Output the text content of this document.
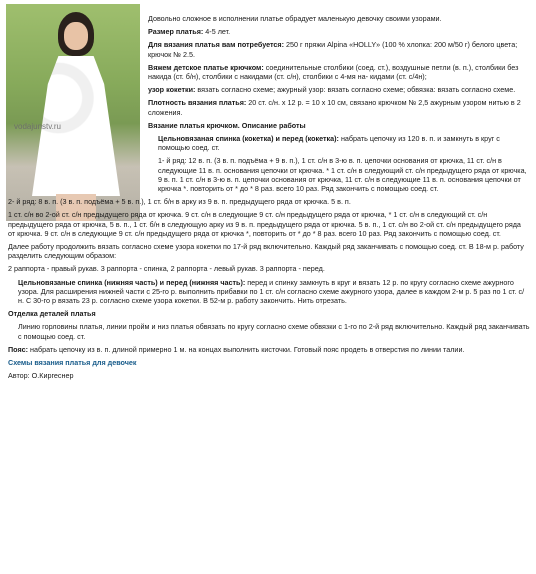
vodajunstv.ru

Довольно сложное в исполнении платье обрадует маленькую девочку своими узорами.

Размер платья: 4-5 лет.

Для вязания платья вам потребуется: 250 г пряжи Alpina «HOLLY» (100 % хлопка: 200 м/50 г) белого цвета; крючок № 2.5.

Вяжем детское платье крючком: соединительные столбики (соед. ст.), воздушные петли (в. п.), столбики без накида (ст. б/н), столбики с накидами (ст. с/н), столбики с 4-мя на- кидами (ст. с/4н);

узор кокетки: вязать согласно схеме; ажурный узор: вязать согласно схеме; обвязка: вязать согласно схеме.

Плотность вязания платья: 20 ст. с/н. x 12 р. = 10 x 10 см, связано крючком № 2,5 ажурным узором нитью в 2 сложения.

Вязание платья крючком. Описание работы

Цельновязаная спинка (кокетка) и перед (кокетка): набрать цепочку из 120 в. п. и замкнуть в круг с помощью соед. ст.

1- й ряд: 12 в. п. (3 в. п. подъёма + 9 в. п.), 1 ст. с/н в 3-ю в. п. цепочки основания от крючка, 11 ст. с/н в следующие 11 в. п. основания цепочки от крючка. * 1 ст. с/н в следующий ст. с/н предыдущего ряда от крючка, 9 в. п. 1 ст. с/н в 3-ю в. п. цепочки основания от крючка, 11 ст. с/н в следующие 11 в. п. основания цепочки от крючка *. повторить от * до * 8 раз. всего 10 раз. Ряд закончить с помощью соед. ст.

2- й ряд: 8 в. п. (3 в. п. подъёма + 5 в. п.), 1 ст. б/н в арку из 9 в. п. предыдущего ряда от крючка. 5 в. п.

1 ст. с/н во 2-ой ст. с/н предыдущего ряда от крючка. 9 ст. с/н в следующие 9 ст. с/н предыдущего ряда от крючка, * 1 ст. с/н в следующий ст. с/н предыдущего ряда от крючка, 5 в. п., 1 ст. б/н в следующую арку из 9 в. п. предыдущего ряда от крючка. 5 в. п., 1 ст. с/н во 2-ой ст. с/н предыдущего ряда от крючка. 9 ст. с/н в следующие 9 ст. с/н предыдущего ряда от крючка *, повторить от * до * 8 раз. всего 10 раз. Ряд закончить с помощью соед. ст.

Далее работу продолжить вязать согласно схеме узора кокетки по 17-й ряд включительно. Каждый ряд заканчивать с помощью соед. ст. В 18-м р. работу разделить следующим образом:

2 раппорта - правый рукав. 3 раппорта - спинка, 2 раппорта - левый рукав. 3 раппорта - перед.

Цельновязаные спинка (нижняя часть) и перед (нижняя часть): перед и спинку замкнуть в круг и вязать 12 р. по кругу согласно схеме ажурного узора. Для расширения нижней части с 25-го р. выполнить прибавки по 1 ст. с/н согласно схеме ажурного узора, далее в каждом 2-м р. 5 раз по 1 ст. с/н. С 30-го р вязать 23 р. согласно схеме узора кокетки. В 52-м р. работу закончить. Нить отрезать.

Отделка деталей платья

Линию горловины платья, линии пройм и низ платья обвязать по кругу согласно схеме обвязки с 1-го по 2-й ряд включительно. Каждый ряд заканчивать с помощью соед. ст.

Пояс: набрать цепочку из в. п. длиной примерно 1 м. на концах выполнить кисточки. Готовый пояс продеть в отверстия по линии талии.

Схемы вязания платья для девочек

Автор: О.Киргеснер
